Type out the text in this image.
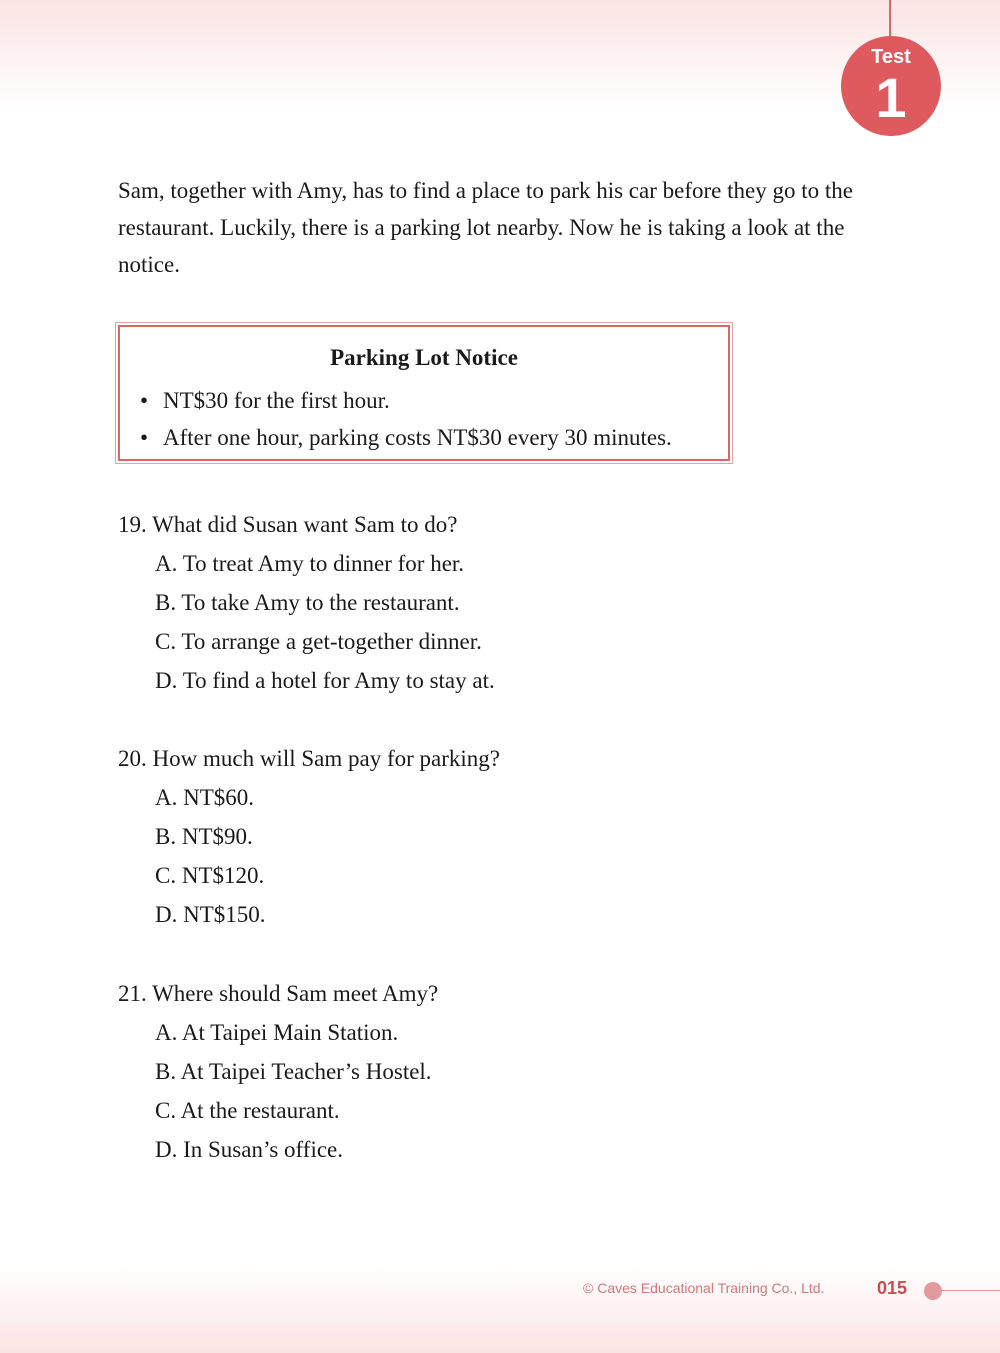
Test
1

Sam, together with Amy, has to find a place to park his car before they go to the restaurant. Luckily, there is a parking lot nearby. Now he is taking a look at the notice.

Parking Lot Notice
• NT$30 for the first hour.
• After one hour, parking costs NT$30 every 30 minutes.
19. What did Susan want Sam to do?
A. To treat Amy to dinner for her.
B. To take Amy to the restaurant.
C. To arrange a get-together dinner.
D. To find a hotel for Amy to stay at.
20. How much will Sam pay for parking?
A. NT$60.
B. NT$90.
C. NT$120.
D. NT$150.
21. Where should Sam meet Amy?
A. At Taipei Main Station.
B. At Taipei Teacher’s Hostel.
C. At the restaurant.
D. In Susan’s office.
© Caves Educational Training Co., Ltd.	015
